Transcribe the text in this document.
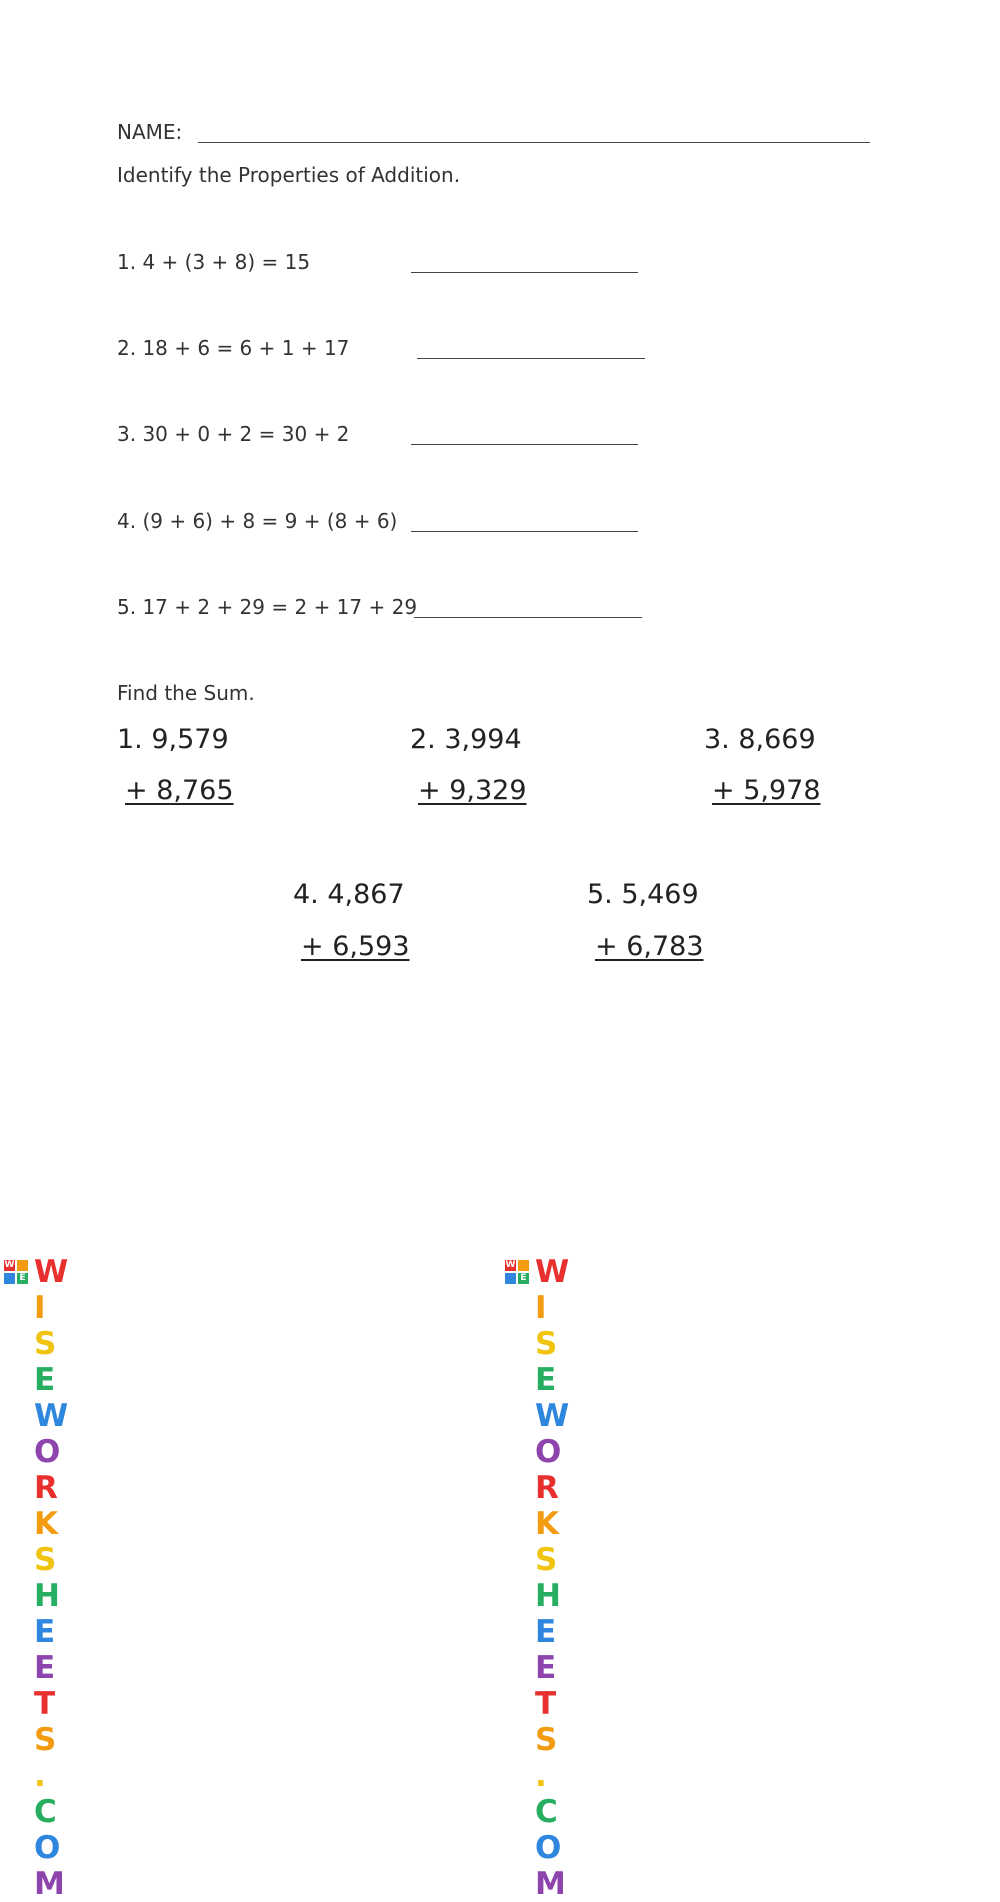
NAME:
Identify the Properties of Addition.
1. 4 + (3 + 8) = 15
2. 18 + 6 = 6 + 1 + 17
3. 30 + 0 + 2 = 30 + 2
4. (9 + 6) + 8 = 9 + (8 + 6)
5. 17 + 2 + 29 = 2 + 17 + 29
Find the Sum.
1. 9,579
+ 8,765
2. 3,994
+ 9,329
3. 8,669
+ 5,978
4. 4,867
+ 6,593
5. 5,469
+ 6,783
W
E WISEWORKSHEETS.COM
W
E WISEWORKSHEETS.COM
